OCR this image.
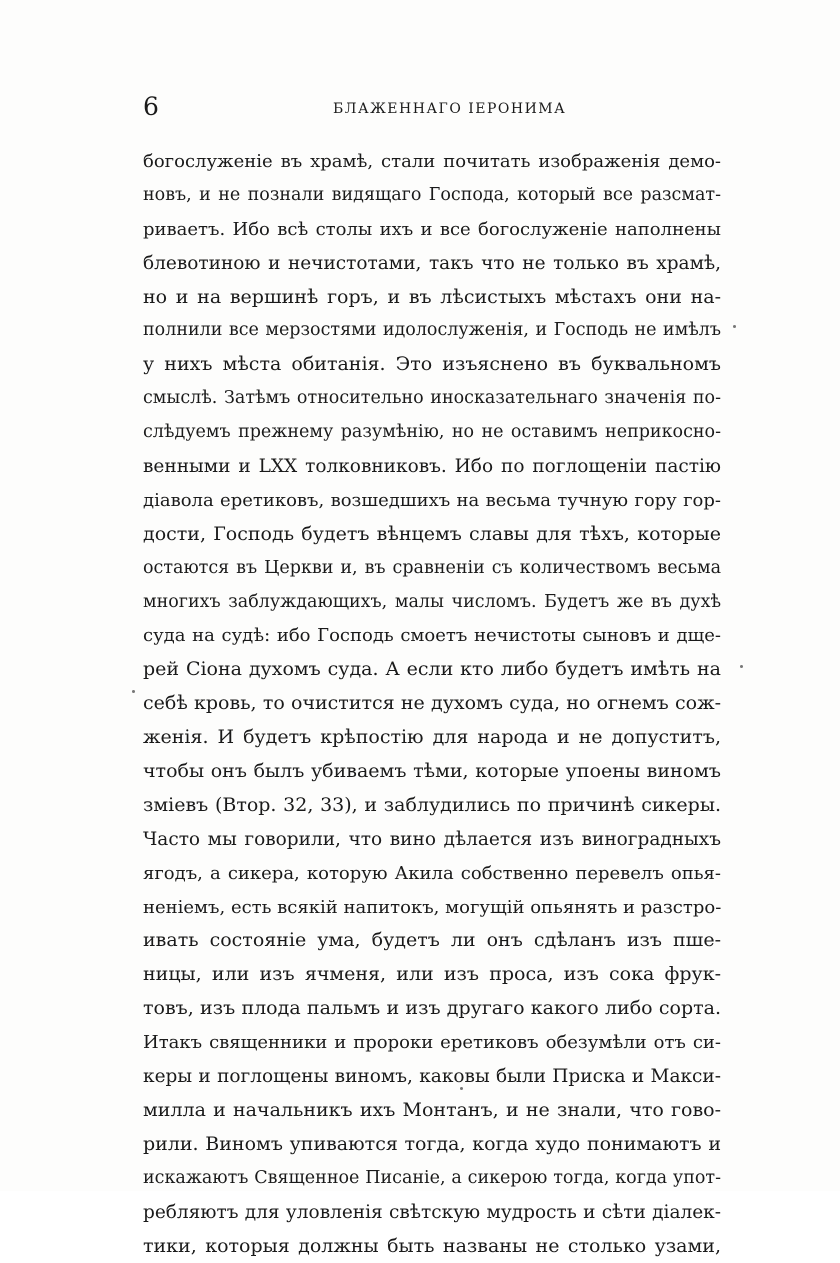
6	БЛАЖЕННАГО ІЕРОНИМА
богослуженіе въ храмѣ, стали почитать изображенія демо-
новъ, и не познали видящаго Господа, который все разсмат-
риваетъ. Ибо всѣ столы ихъ и все богослуженіе наполнены
блевотиною и нечистотами, такъ что не только въ храмѣ,
но и на вершинѣ горъ, и въ лѣсистыхъ мѣстахъ они на-
полнили все мерзостями идолослуженія, и Господь не имѣлъ
у нихъ мѣста обитанія. Это изъяснено въ буквальномъ
смыслѣ. Затѣмъ относительно иносказательнаго значенія по-
слѣдуемъ прежнему разумѣнію, но не оставимъ неприкосно-
венными и LXX толковниковъ. Ибо по поглощеніи пастію
діавола еретиковъ, возшедшихъ на весьма тучную гору гор-
дости, Господь будетъ вѣнцемъ славы для тѣхъ, которые
остаются въ Церкви и, въ сравненіи съ количествомъ весьма
многихъ заблуждающихъ, малы числомъ. Будетъ же въ духѣ
суда на судѣ: ибо Господь смоетъ нечистоты сыновъ и дще-
рей Сіона духомъ суда. А если кто либо будетъ имѣть на
себѣ кровь, то очистится не духомъ суда, но огнемъ сож-
женія. И будетъ крѣпостію для народа и не допуститъ,
чтобы онъ былъ убиваемъ тѣми, которые упоены виномъ
зміевъ (Втор. 32, 33), и заблудились по причинѣ сикеры.
Часто мы говорили, что вино дѣлается изъ виноградныхъ
ягодъ, а сикера, которую Акила собственно перевелъ опья-
неніемъ, есть всякій напитокъ, могущій опьянять и разстро-
ивать состояніе ума, будетъ ли онъ сдѣланъ изъ пше-
ницы, или изъ ячменя, или изъ проса, изъ сока фрук-
товъ, изъ плода пальмъ и изъ другаго какого либо сорта.
Итакъ священники и пророки еретиковъ обезумѣли отъ си-
керы и поглощены виномъ, каковы были Приска и Макси-
милла и начальникъ ихъ Монтанъ, и не знали, что гово-
рили. Виномъ упиваются тогда, когда худо понимаютъ и
искажаютъ Священное Писаніе, а сикерою тогда, когда упот-
ребляютъ для уловленія свѣтскую мудрость и сѣти діалек-
тики, которыя должны быть названы не столько узами,
